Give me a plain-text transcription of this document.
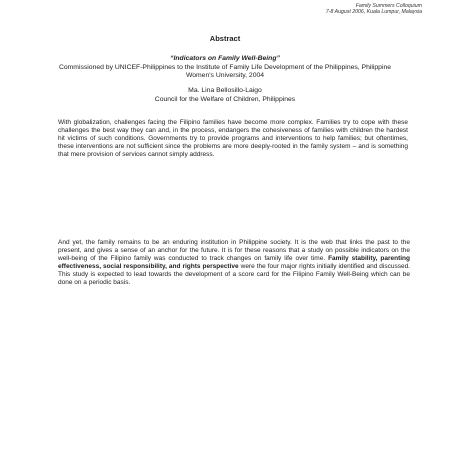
Family Summers Colloquium
7-8 August 2006, Kuala Lumpur, Malaysia
Abstract
“Indicators on Family Well-Being”
Commissioned by UNICEF-Philippines to the Institute of Family Life Development of the Philippines, Philippine Women's University, 2004
Ma. Lina Bellosillo-Laigo
Council for the Welfare of Children, Philippines
With globalization, challenges facing the Filipino families have become more complex. Families try to cope with these challenges the best way they can and, in the process, endangers the cohesiveness of families with children the hardest hit victims of such conditions. Governments try to provide programs and interventions to help families; but oftentimes, these interventions are not sufficient since the problems are more deeply-rooted in the family system – and is something that mere provision of services cannot simply address.
And yet, the family remains to be an enduring institution in Philippine society. It is the web that links the past to the present, and gives a sense of an anchor for the future. It is for these reasons that a study on possible indicators on the well-being of the Filipino family was conducted to track changes on family life over time. Family stability, parenting effectiveness, social responsibility, and rights perspective were the four major rights initially identified and discussed. This study is expected to lead towards the development of a score card for the Filipino Family Well-Being which can be done on a periodic basis.
